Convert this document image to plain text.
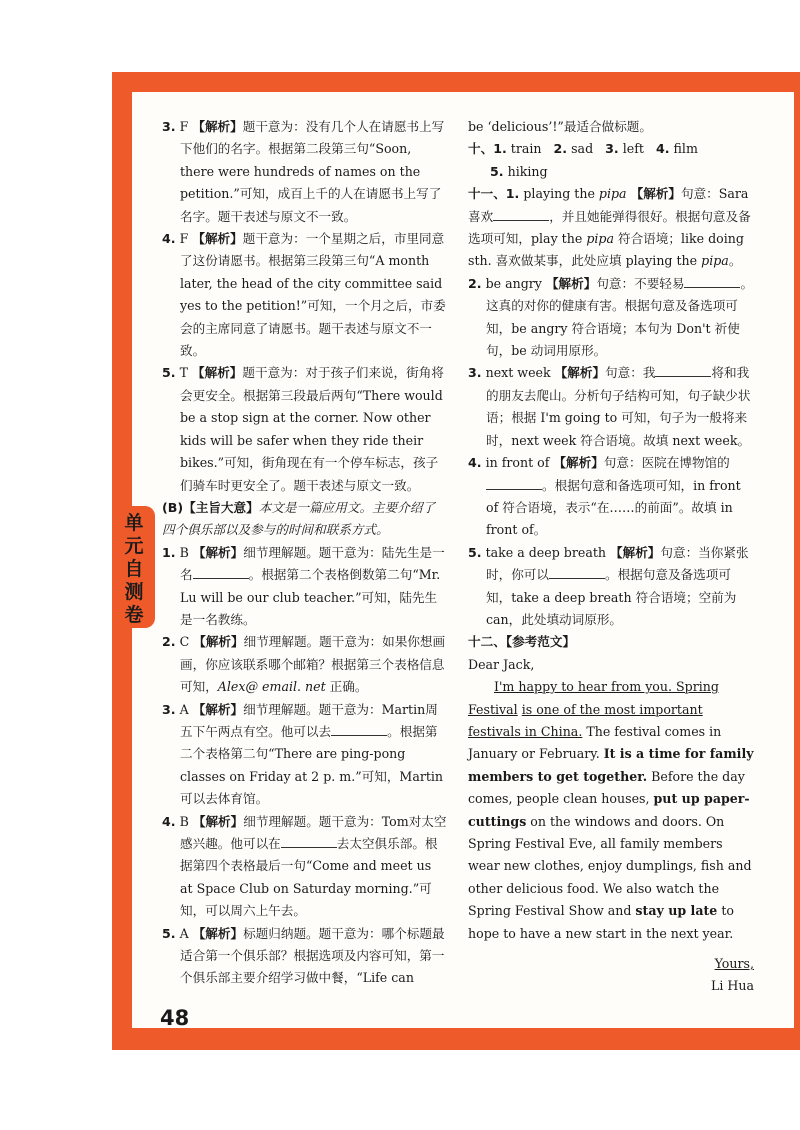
单
元
自
测
卷

3. F 【解析】题干意为：没有几个人在请愿书上写下他们的名字。根据第二段第三句“Soon, there were hundreds of names on the petition.”可知，成百上千的人在请愿书上写了名字。题干表述与原文不一致。

4. F 【解析】题干意为：一个星期之后，市里同意了这份请愿书。根据第三段第三句“A month later, the head of the city committee said yes to the petition!”可知，一个月之后，市委会的主席同意了请愿书。题干表述与原文不一致。

5. T 【解析】题干意为：对于孩子们来说，街角将会更安全。根据第三段最后两句“There would be a stop sign at the corner. Now other kids will be safer when they ride their bikes.”可知，街角现在有一个停车标志，孩子们骑车时更安全了。题干表述与原文一致。

(B)【主旨大意】本文是一篇应用文。主要介绍了四个俱乐部以及参与的时间和联系方式。

1. B 【解析】细节理解题。题干意为：陆先生是一名	。根据第二个表格倒数第二句“Mr. Lu will be our club teacher.”可知，陆先生是一名教练。

2. C 【解析】细节理解题。题干意为：如果你想画画，你应该联系哪个邮箱？根据第三个表格信息可知，Alex@ email. net 正确。

3. A 【解析】细节理解题。题干意为：Martin周五下午两点有空。他可以去	。根据第二个表格第二句“There are ping-pong classes on Friday at 2 p. m.”可知，Martin可以去体育馆。

4. B 【解析】细节理解题。题干意为：Tom对太空感兴趣。他可以在	去太空俱乐部。根据第四个表格最后一句“Come and meet us at Space Club on Saturday morning.”可知，可以周六上午去。

5. A 【解析】标题归纳题。题干意为：哪个标题最适合第一个俱乐部？根据选项及内容可知，第一个俱乐部主要介绍学习做中餐，“Life can

be ‘delicious’!”最适合做标题。

十、1. train 2. sad 3. left 4. film

5. hiking

十一、1. playing the pipa 【解析】句意：Sara 喜欢	，并且她能弹得很好。根据句意及备选项可知，play the pipa 符合语境；like doing sth. 喜欢做某事，此处应填 playing the pipa。

2. be angry 【解析】句意：不要轻易	。这真的对你的健康有害。根据句意及备选项可知，be angry 符合语境；本句为 Don't 祈使句，be 动词用原形。

3. next week 【解析】句意：我	将和我的朋友去爬山。分析句子结构可知，句子缺少状语；根据 I'm going to 可知，句子为一般将来时，next week 符合语境。故填 next week。

4. in front of 【解析】句意：医院在博物馆的。根据句意和备选项可知，in front of 符合语境，表示“在……的前面”。故填 in front of。

5. take a deep breath 【解析】句意：当你紧张时，你可以	。根据句意及备选项可知，take a deep breath 符合语境；空前为 can，此处填动词原形。

十二、【参考范文】

Dear Jack,

I'm happy to hear from you. Spring Festival is one of the most important festivals in China. The festival comes in January or February. It is a time for family members to get together. Before the day comes, people clean houses, put up paper-cuttings on the windows and doors. On Spring Festival Eve, all family members wear new clothes, enjoy dumplings, fish and other delicious food. We also watch the Spring Festival Show and stay up late to hope to have a new start in the next year.

Yours,

Li Hua

48
